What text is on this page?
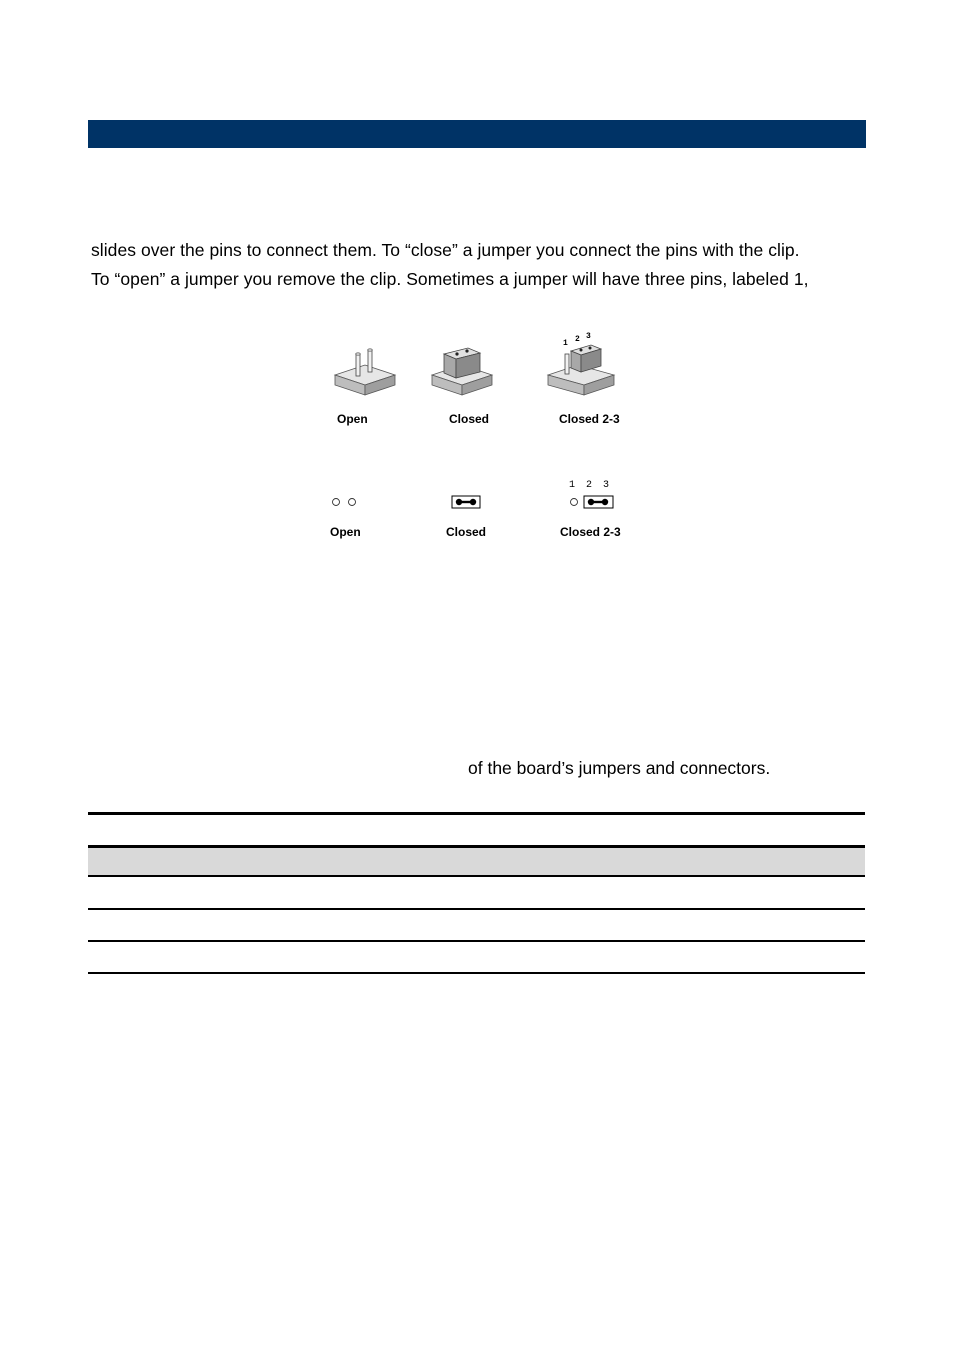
slides over the pins to connect them. To “close” a jumper you connect the pins with the clip.
To “open” a jumper you remove the clip. Sometimes a jumper will have three pins, labeled 1,
1 2 3
Open	Closed	Closed 2-3
1 2 3
Open	Closed	Closed 2-3
of the board’s jumpers and connectors.
